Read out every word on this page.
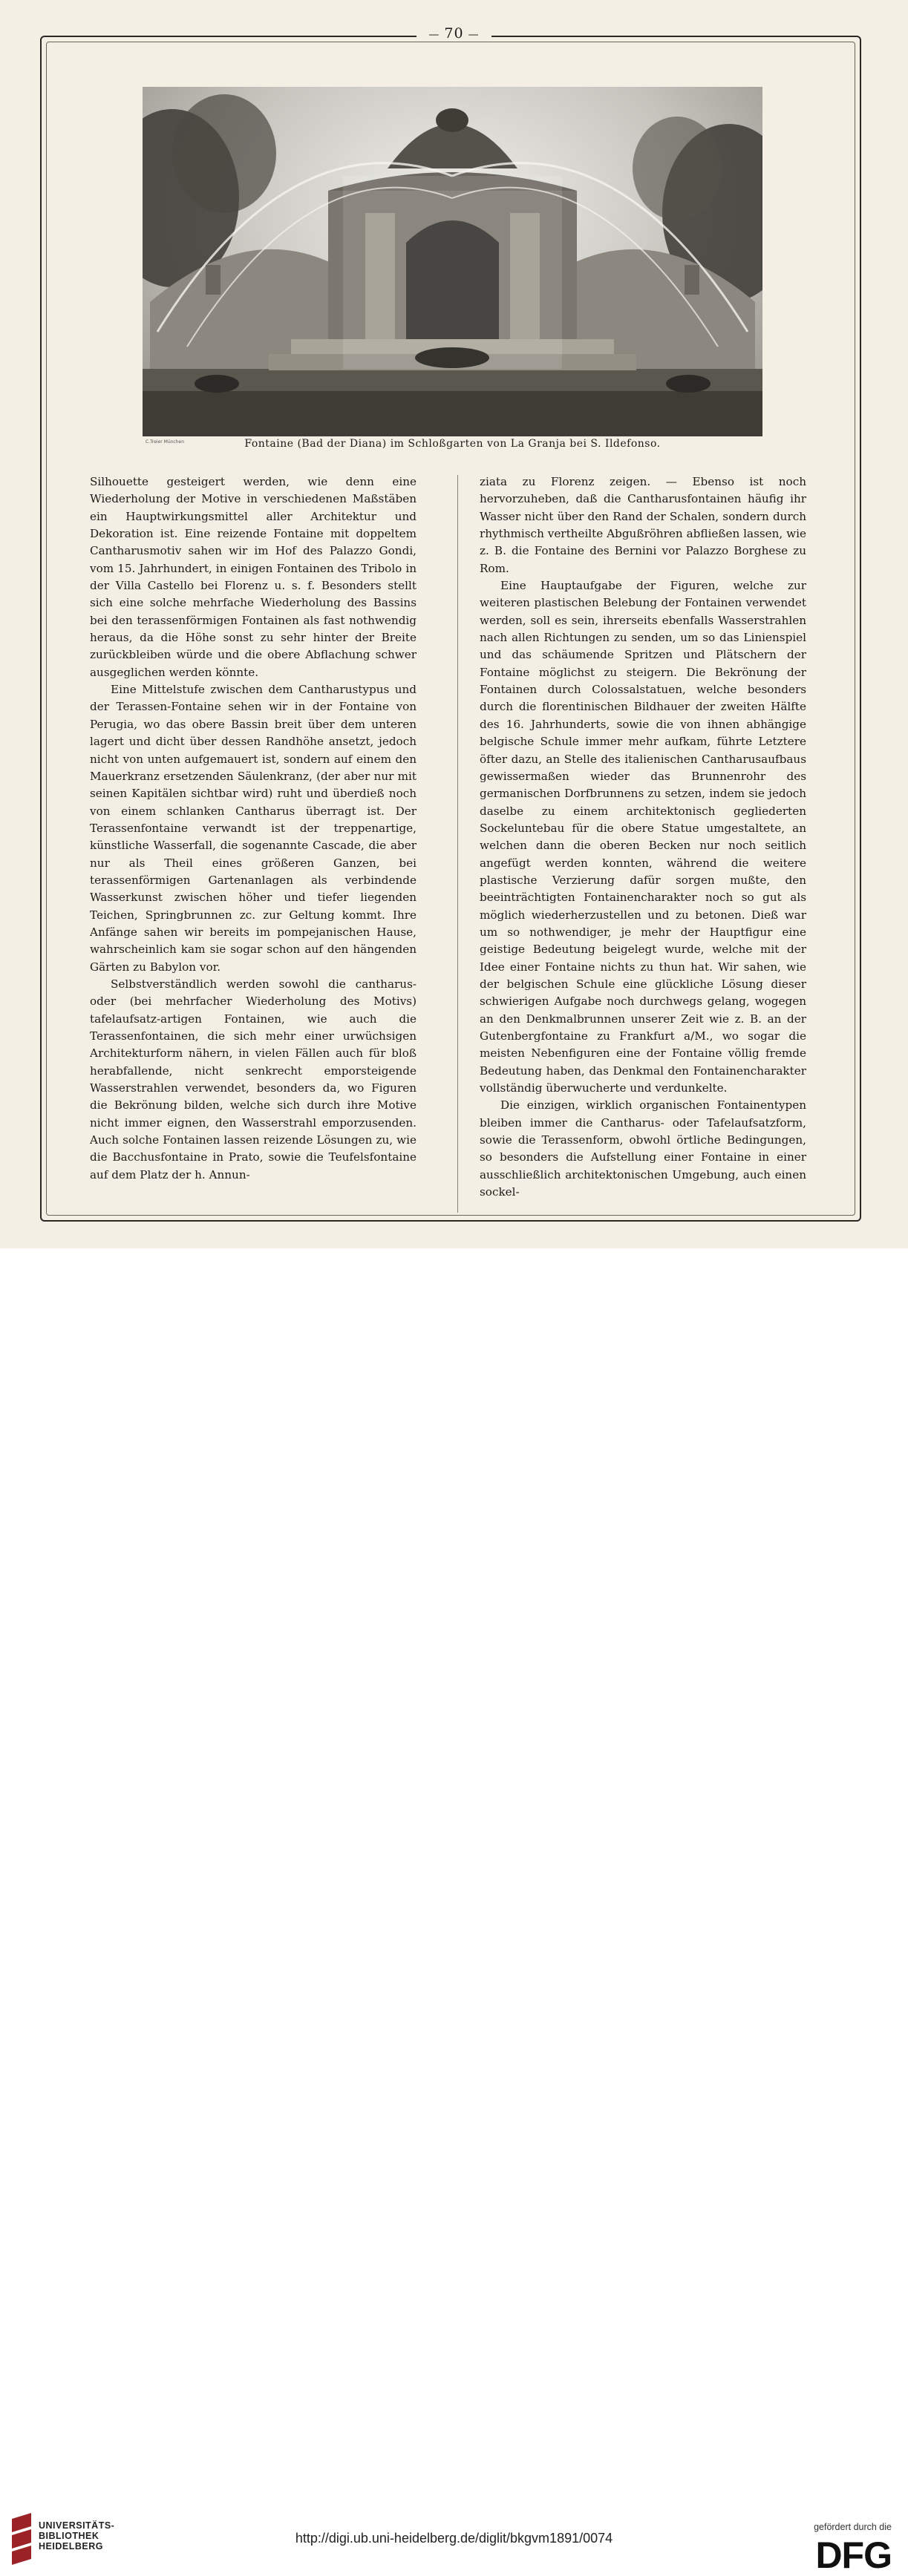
— 70 —
C.Treier München	Fontaine (Bad der Diana) im Schloßgarten von La Granja bei S. Ildefonso.

Silhouette gesteigert werden, wie denn eine Wiederholung der Motive in verschiedenen Maßstäben ein Hauptwirkungsmittel aller Architektur und Dekoration ist. Eine reizende Fontaine mit doppeltem Cantharusmotiv sahen wir im Hof des Palazzo Gondi, vom 15. Jahrhundert, in einigen Fontainen des Tribolo in der Villa Castello bei Florenz u. s. f. Besonders stellt sich eine solche mehrfache Wiederholung des Bassins bei den terassenförmigen Fontainen als fast nothwendig heraus, da die Höhe sonst zu sehr hinter der Breite zurückbleiben würde und die obere Abflachung schwer ausgeglichen werden könnte.

Eine Mittelstufe zwischen dem Cantharustypus und der Terassen-Fontaine sehen wir in der Fontaine von Perugia, wo das obere Bassin breit über dem unteren lagert und dicht über dessen Randhöhe ansetzt, jedoch nicht von unten aufgemauert ist, sondern auf einem den Mauerkranz ersetzenden Säulenkranz, (der aber nur mit seinen Kapitälen sichtbar wird) ruht und überdieß noch von einem schlanken Cantharus überragt ist. Der Terassenfontaine verwandt ist der treppenartige, künstliche Wasserfall, die sogenannte Cascade, die aber nur als Theil eines größeren Ganzen, bei terassenförmigen Gartenanlagen als verbindende Wasserkunst zwischen höher und tiefer liegenden Teichen, Springbrunnen zc. zur Geltung kommt. Ihre Anfänge sahen wir bereits im pompejanischen Hause, wahrscheinlich kam sie sogar schon auf den hängenden Gärten zu Babylon vor.

Selbstverständlich werden sowohl die cantharus- oder (bei mehrfacher Wiederholung des Motivs) tafelaufsatz-artigen Fontainen, wie auch die Terassenfontainen, die sich mehr einer urwüchsigen Architekturform nähern, in vielen Fällen auch für bloß herabfallende, nicht senkrecht emporsteigende Wasserstrahlen verwendet, besonders da, wo Figuren die Bekrönung bilden, welche sich durch ihre Motive nicht immer eignen, den Wasserstrahl emporzusenden. Auch solche Fontainen lassen reizende Lösungen zu, wie die Bacchusfontaine in Prato, sowie die Teufelsfontaine auf dem Platz der h. Annun-

ziata zu Florenz zeigen. — Ebenso ist noch hervorzuheben, daß die Cantharusfontainen häufig ihr Wasser nicht über den Rand der Schalen, sondern durch rhythmisch vertheilte Abgußröhren abfließen lassen, wie z. B. die Fontaine des Bernini vor Palazzo Borghese zu Rom.

Eine Hauptaufgabe der Figuren, welche zur weiteren plastischen Belebung der Fontainen verwendet werden, soll es sein, ihrerseits ebenfalls Wasserstrahlen nach allen Richtungen zu senden, um so das Linienspiel und das schäumende Spritzen und Plätschern der Fontaine möglichst zu steigern. Die Bekrönung der Fontainen durch Colossalstatuen, welche besonders durch die florentinischen Bildhauer der zweiten Hälfte des 16. Jahrhunderts, sowie die von ihnen abhängige belgische Schule immer mehr aufkam, führte Letztere öfter dazu, an Stelle des italienischen Cantharusaufbaus gewissermaßen wieder das Brunnenrohr des germanischen Dorfbrunnens zu setzen, indem sie jedoch daselbe zu einem architektonisch gegliederten Sockeluntebau für die obere Statue umgestaltete, an welchen dann die oberen Becken nur noch seitlich angefügt werden konnten, während die weitere plastische Verzierung dafür sorgen mußte, den beeinträchtigten Fontainencharakter noch so gut als möglich wiederherzustellen und zu betonen. Dieß war um so nothwendiger, je mehr der Hauptfigur eine geistige Bedeutung beigelegt wurde, welche mit der Idee einer Fontaine nichts zu thun hat. Wir sahen, wie der belgischen Schule eine glückliche Lösung dieser schwierigen Aufgabe noch durchwegs gelang, wogegen an den Denkmalbrunnen unserer Zeit wie z. B. an der Gutenbergfontaine zu Frankfurt a/M., wo sogar die meisten Nebenfiguren eine der Fontaine völlig fremde Bedeutung haben, das Denkmal den Fontainencharakter vollständig überwucherte und verdunkelte.

Die einzigen, wirklich organischen Fontainentypen bleiben immer die Cantharus- oder Tafelaufsatzform, sowie die Terassenform, obwohl örtliche Bedingungen, so besonders die Aufstellung einer Fontaine in einer ausschließlich architektonischen Umgebung, auch einen sockel-

UNIVERSITÄTS-
BIBLIOTHEK
HEIDELBERG
http://digi.ub.uni-heidelberg.de/diglit/bkgvm1891/0074
gefördert durch die
DFG
